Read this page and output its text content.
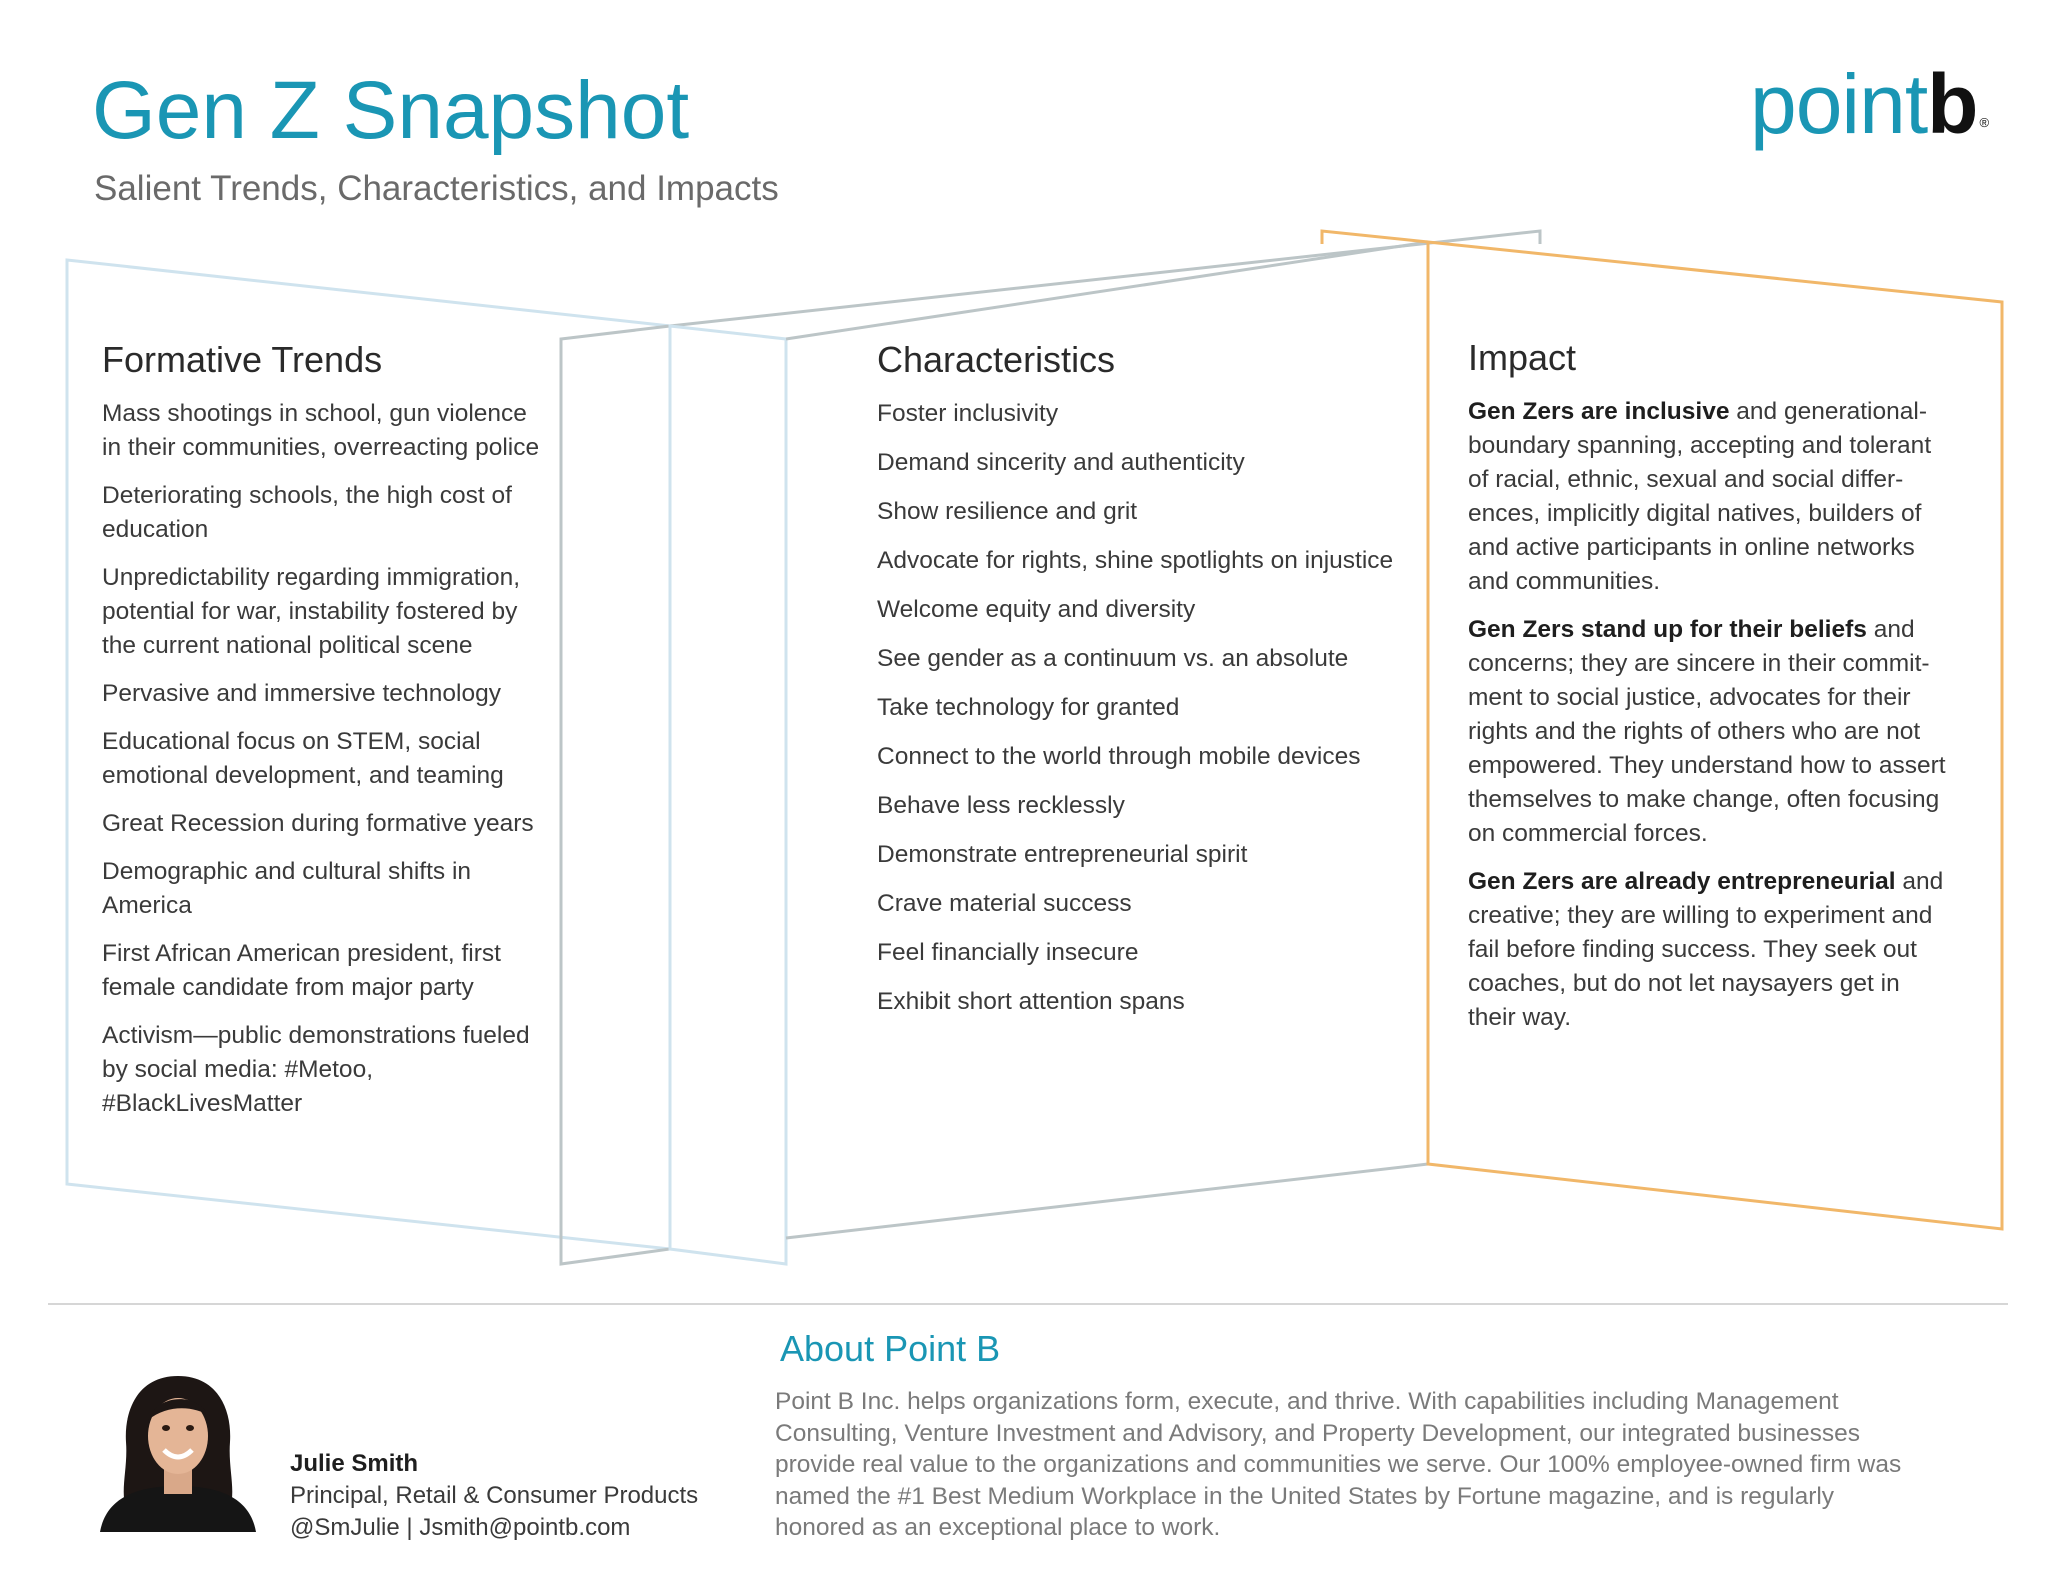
Gen Z Snapshot

Salient Trends, Characteristics, and Impacts

pointb ®
Formative Trends
Mass shootings in school, gun violence in their communities, overreacting police
Deteriorating schools, the high cost of education
Unpredictability regarding immigration, potential for war, instability fostered by the current national political scene
Pervasive and immersive technology
Educational focus on STEM, social emotional development, and teaming
Great Recession during formative years
Demographic and cultural shifts in America
First African American president, first female candidate from major party
Activism—public demonstrations fueled by social media: #Metoo, #BlackLivesMatter
Characteristics
Foster inclusivity
Demand sincerity and authenticity
Show resilience and grit
Advocate for rights, shine spotlights on injustice
Welcome equity and diversity
See gender as a continuum vs. an absolute
Take technology for granted
Connect to the world through mobile devices
Behave less recklessly
Demonstrate entrepreneurial spirit
Crave material success
Feel financially insecure
Exhibit short attention spans
Impact

Gen Zers are inclusive and generational-boundary spanning, accepting and tolerant of racial, ethnic, sexual and social differ-ences, implicitly digital natives, builders of and active participants in online networks and communities.

Gen Zers stand up for their beliefs and concerns; they are sincere in their commit-ment to social justice, advocates for their rights and the rights of others who are not empowered. They understand how to assert themselves to make change, often focusing on commercial forces.

Gen Zers are already entrepreneurial and creative; they are willing to experiment and fail before finding success. They seek out coaches, but do not let naysayers get in their way.

Julie Smith

Principal, Retail & Consumer Products

@SmJulie | Jsmith@pointb.com

About Point B

Point B Inc. helps organizations form, execute, and thrive. With capabilities including Management Consulting, Venture Investment and Advisory, and Property Development, our integrated businesses provide real value to the organizations and communities we serve. Our 100% employee-owned firm was named the #1 Best Medium Workplace in the United States by Fortune magazine, and is regularly honored as an exceptional place to work.
